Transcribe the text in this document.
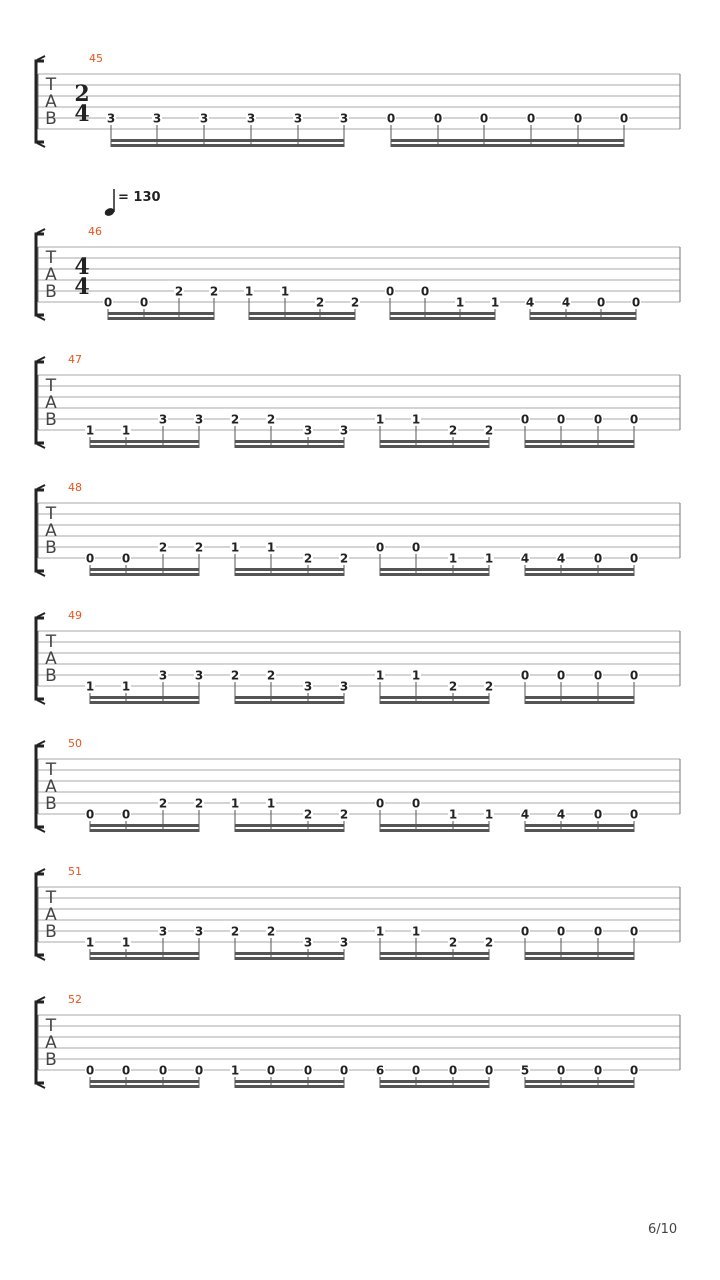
T
A
B
45
2
4 3	3	3	3	3	3	0	0	0	0	0	0
T
A
B
46
4
4
0 0
2 2 1 1
2 2
0 0
1 1 4 4 0 0
T
A
B
47
1 1
3 3 2 2
3 3
1 1
2 2
0 0 0 0
T
A
B
48
0 0
2 2 1 1
2 2
0 0
1 1 4 4 0 0
T
A
B
49
1 1
3 3 2 2
3 3
1 1
2 2
0 0 0 0
T
A
B
50
0 0
2 2 1 1
2 2
0 0
1 1 4 4 0 0
T
A
B
51
1 1
3 3 2 2
3 3
1 1
2 2
0 0 0 0
T
A
B
52
0 0 0 0 1 0 0 0 6 0 0 0 5 0 0 0
= 130
6/10
